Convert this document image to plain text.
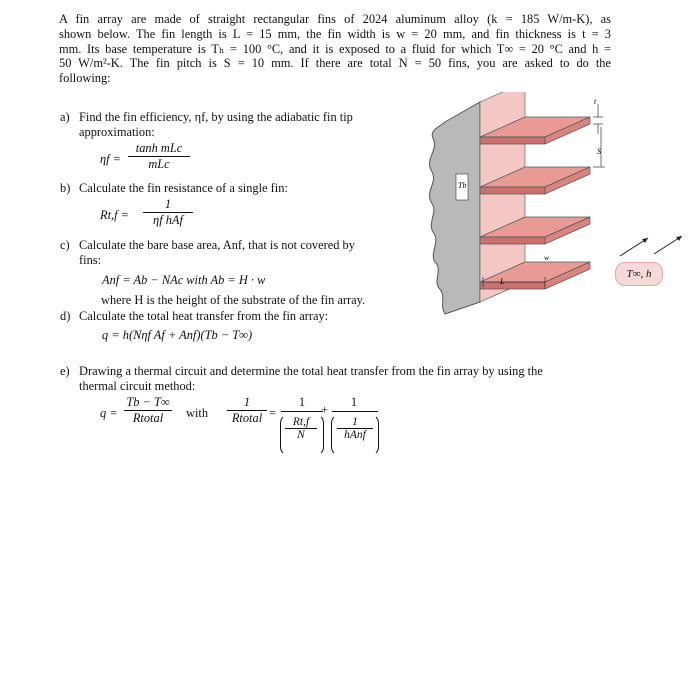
A fin array are made of straight rectangular fins of 2024 aluminum alloy (k = 185 W/m-K), as
shown below. The fin length is L = 15 mm, the fin width is w = 20 mm, and fin thickness is t = 3
mm. Its base temperature is Tₕ = 100 °C, and it is exposed to a fluid for which T∞ = 20 °C and h =
50 W/m²-K. The fin pitch is S = 10 mm. If there are total N = 50 fins, you are asked to do the
following:
a) Find the fin efficiency, ηf, by using the adiabatic fin tip
approximation:
ηf =
tanh mLc
mLc
b) Calculate the fin resistance of a single fin:
Rt,f =
1
ηf hAf
c) Calculate the bare base area, Anf, that is not covered by
fins:
Anf = Ab − NAc with Ab = H · w
where H is the height of the substrate of the fin array.
d) Calculate the total heat transfer from the fin array:
q = h(Nηf Af + Anf)(Tb − T∞)
e) Drawing a thermal circuit and determine the total heat transfer from the fin array by using the
thermal circuit method:
q =
Tb − T∞
Rtotal	with
1
Rtotal =
1
$\frac{Rt,f}{N}$
+
1
1
hAnf
t
S
Tb
w
L
T∞, h
